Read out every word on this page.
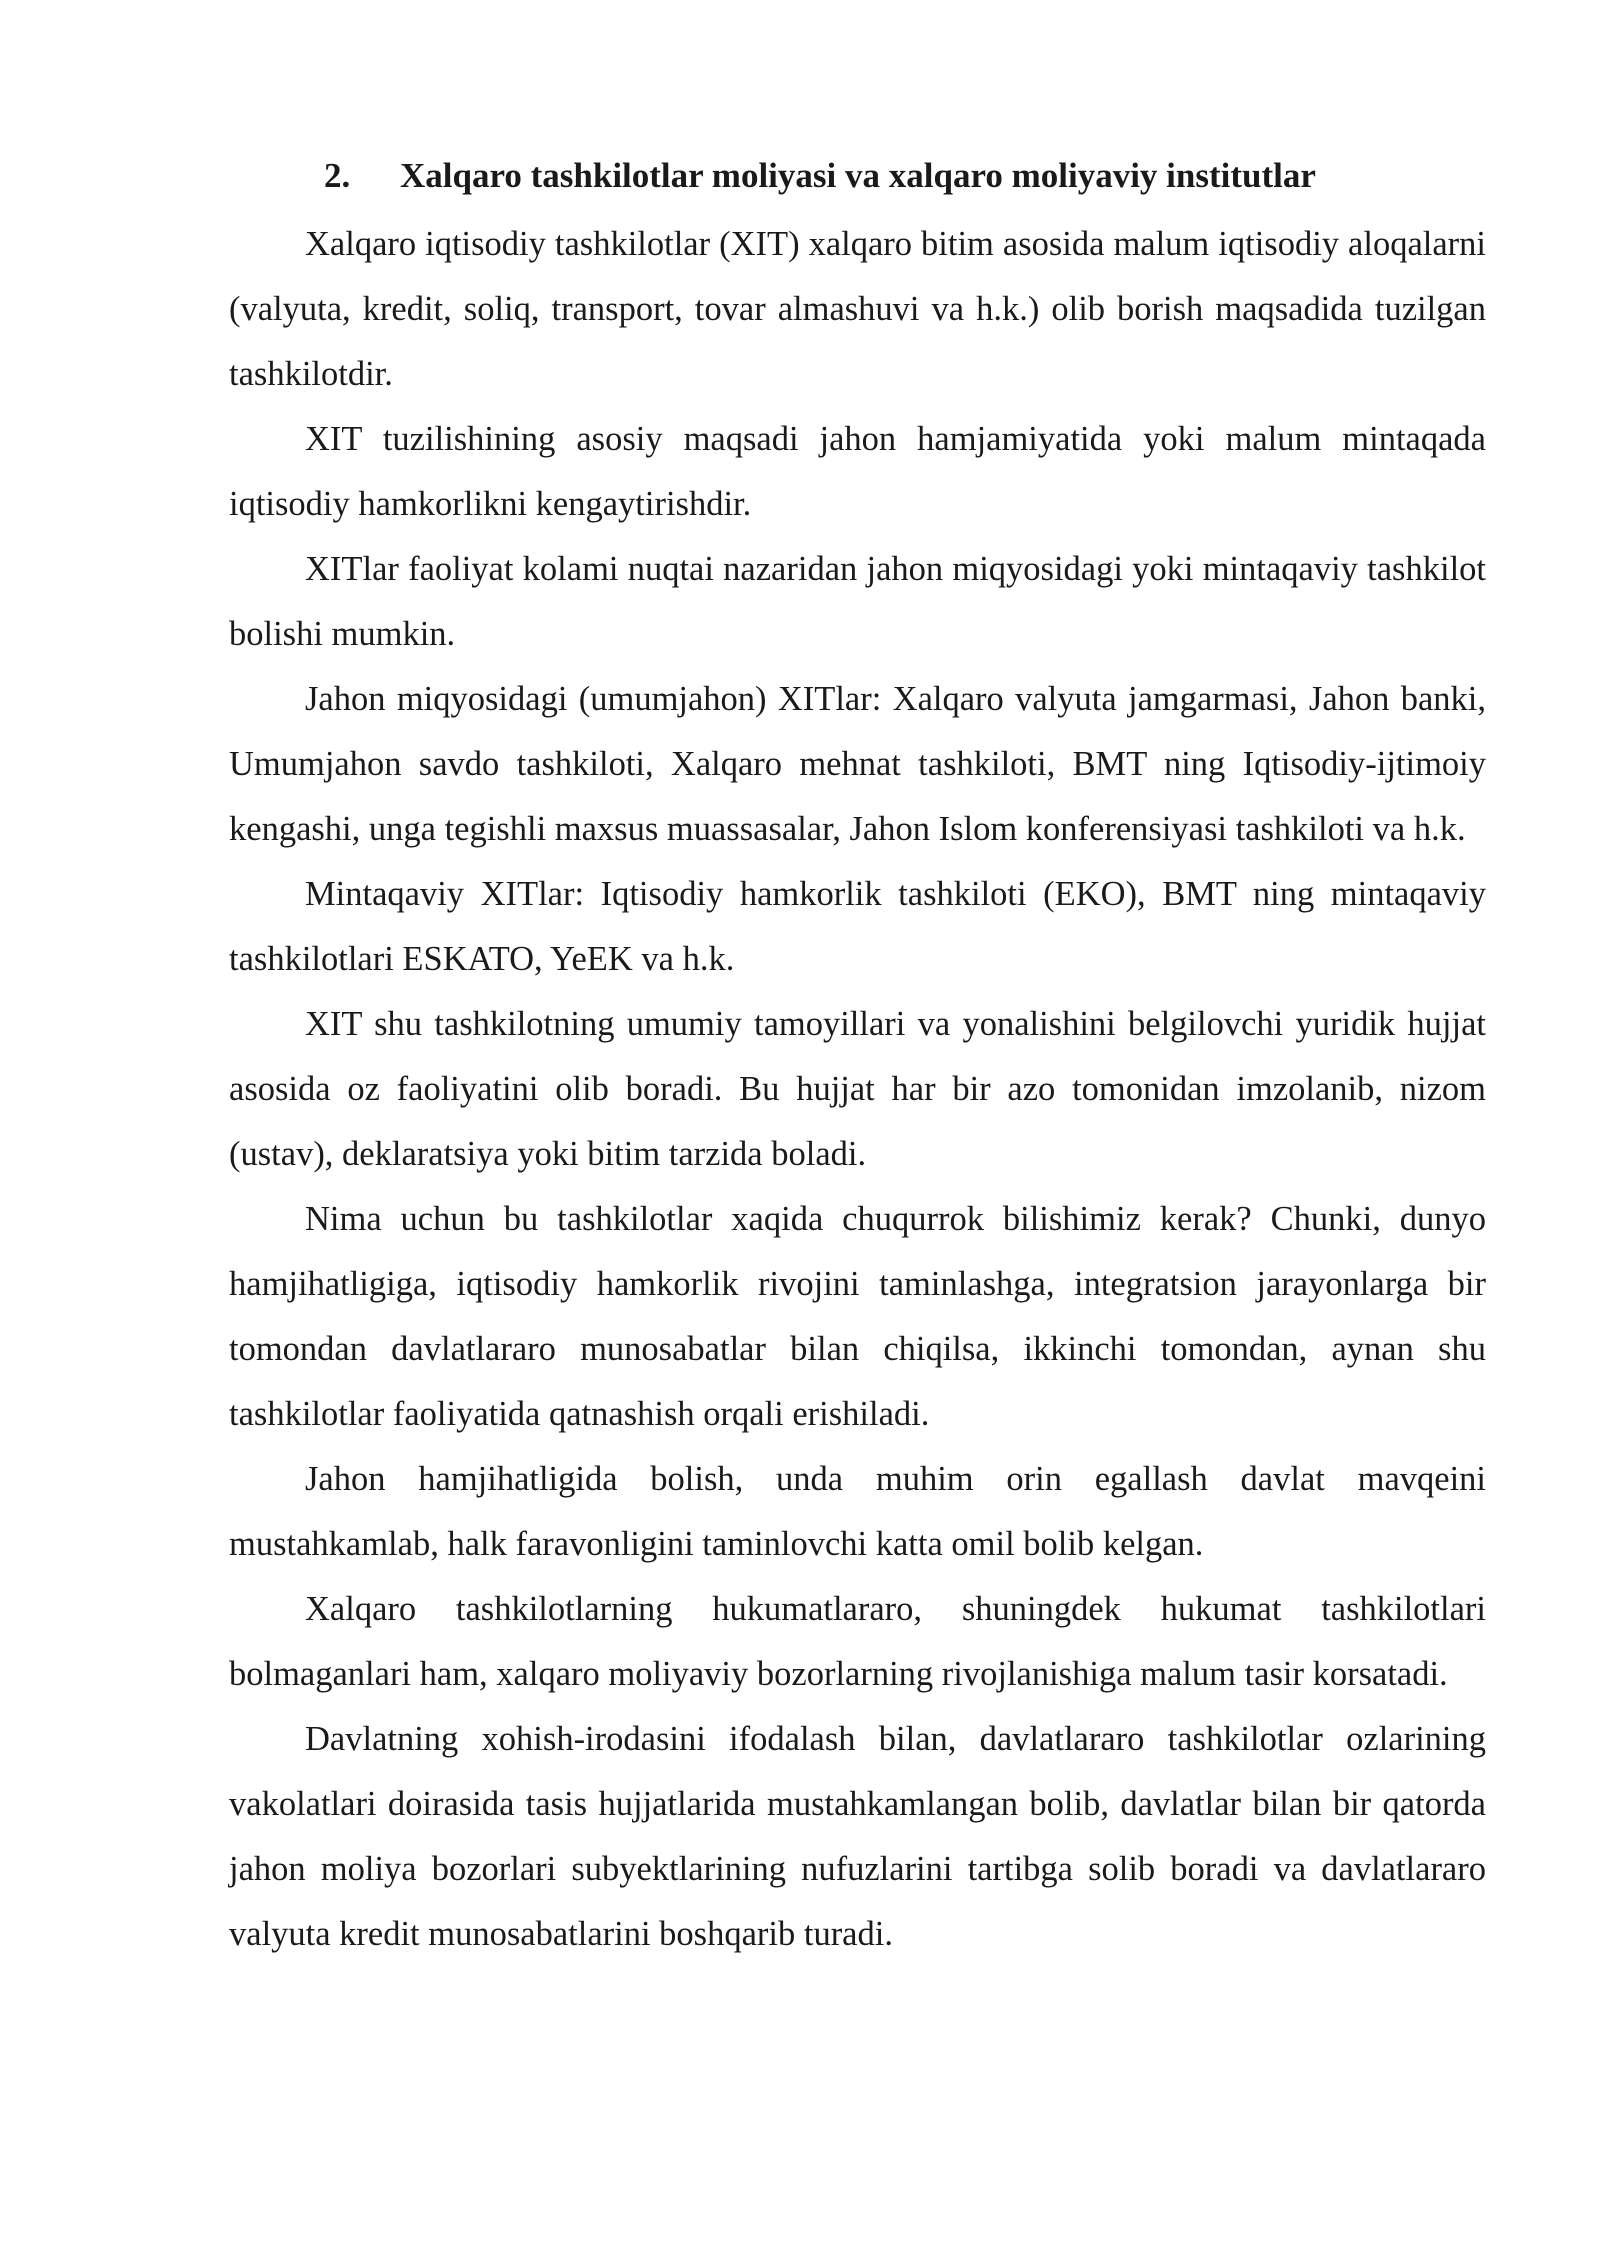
2. Xalqaro tashkilotlar moliyasi va xalqaro moliyaviy institutlar

Xalqaro iqtisodiy tashkilotlar (XIT) xalqaro bitim asosida malum iqtisodiy aloqalarni (valyuta, kredit, soliq, transport, tovar almashuvi va h.k.) olib borish maqsadida tuzilgan tashkilotdir.

XIT tuzilishining asosiy maqsadi jahon hamjamiyatida yoki malum mintaqada iqtisodiy hamkorlikni kengaytirishdir.

XITlar faoliyat kolami nuqtai nazaridan jahon miqyosidagi yoki mintaqaviy tashkilot bolishi mumkin.

Jahon miqyosidagi (umumjahon) XITlar: Xalqaro valyuta jamgarmasi, Jahon banki, Umumjahon savdo tashkiloti, Xalqaro mehnat tashkiloti, BMT ning Iqtisodiy-ijtimoiy kengashi, unga tegishli maxsus muassasalar, Jahon Islom konferensiyasi tashkiloti va h.k.

Mintaqaviy XITlar: Iqtisodiy hamkorlik tashkiloti (EKO), BMT ning mintaqaviy tashkilotlari ESKATO, YeEK va h.k.

XIT shu tashkilotning umumiy tamoyillari va yonalishini belgilovchi yuridik hujjat asosida oz faoliyatini olib boradi. Bu hujjat har bir azo tomonidan imzolanib, nizom (ustav), deklaratsiya yoki bitim tarzida boladi.

Nima uchun bu tashkilotlar xaqida chuqurrok bilishimiz kerak? Chunki, dunyo hamjihatligiga, iqtisodiy hamkorlik rivojini taminlashga, integratsion jarayonlarga bir tomondan davlatlararo munosabatlar bilan chiqilsa, ikkinchi tomondan, aynan shu tashkilotlar faoliyatida qatnashish orqali erishiladi.

Jahon hamjihatligida bolish, unda muhim orin egallash davlat mavqeini mustahkamlab, halk faravonligini taminlovchi katta omil bolib kelgan.

Xalqaro tashkilotlarning hukumatlararo, shuningdek hukumat tashkilotlari bolmaganlari ham, xalqaro moliyaviy bozorlarning rivojlanishiga malum tasir korsatadi.

Davlatning xohish-irodasini ifodalash bilan, davlatlararo tashkilotlar ozlarining vakolatlari doirasida tasis hujjatlarida mustahkamlangan bolib, davlatlar bilan bir qatorda jahon moliya bozorlari subyektlarining nufuzlarini tartibga solib boradi va davlatlararo valyuta kredit munosabatlarini boshqarib turadi.
